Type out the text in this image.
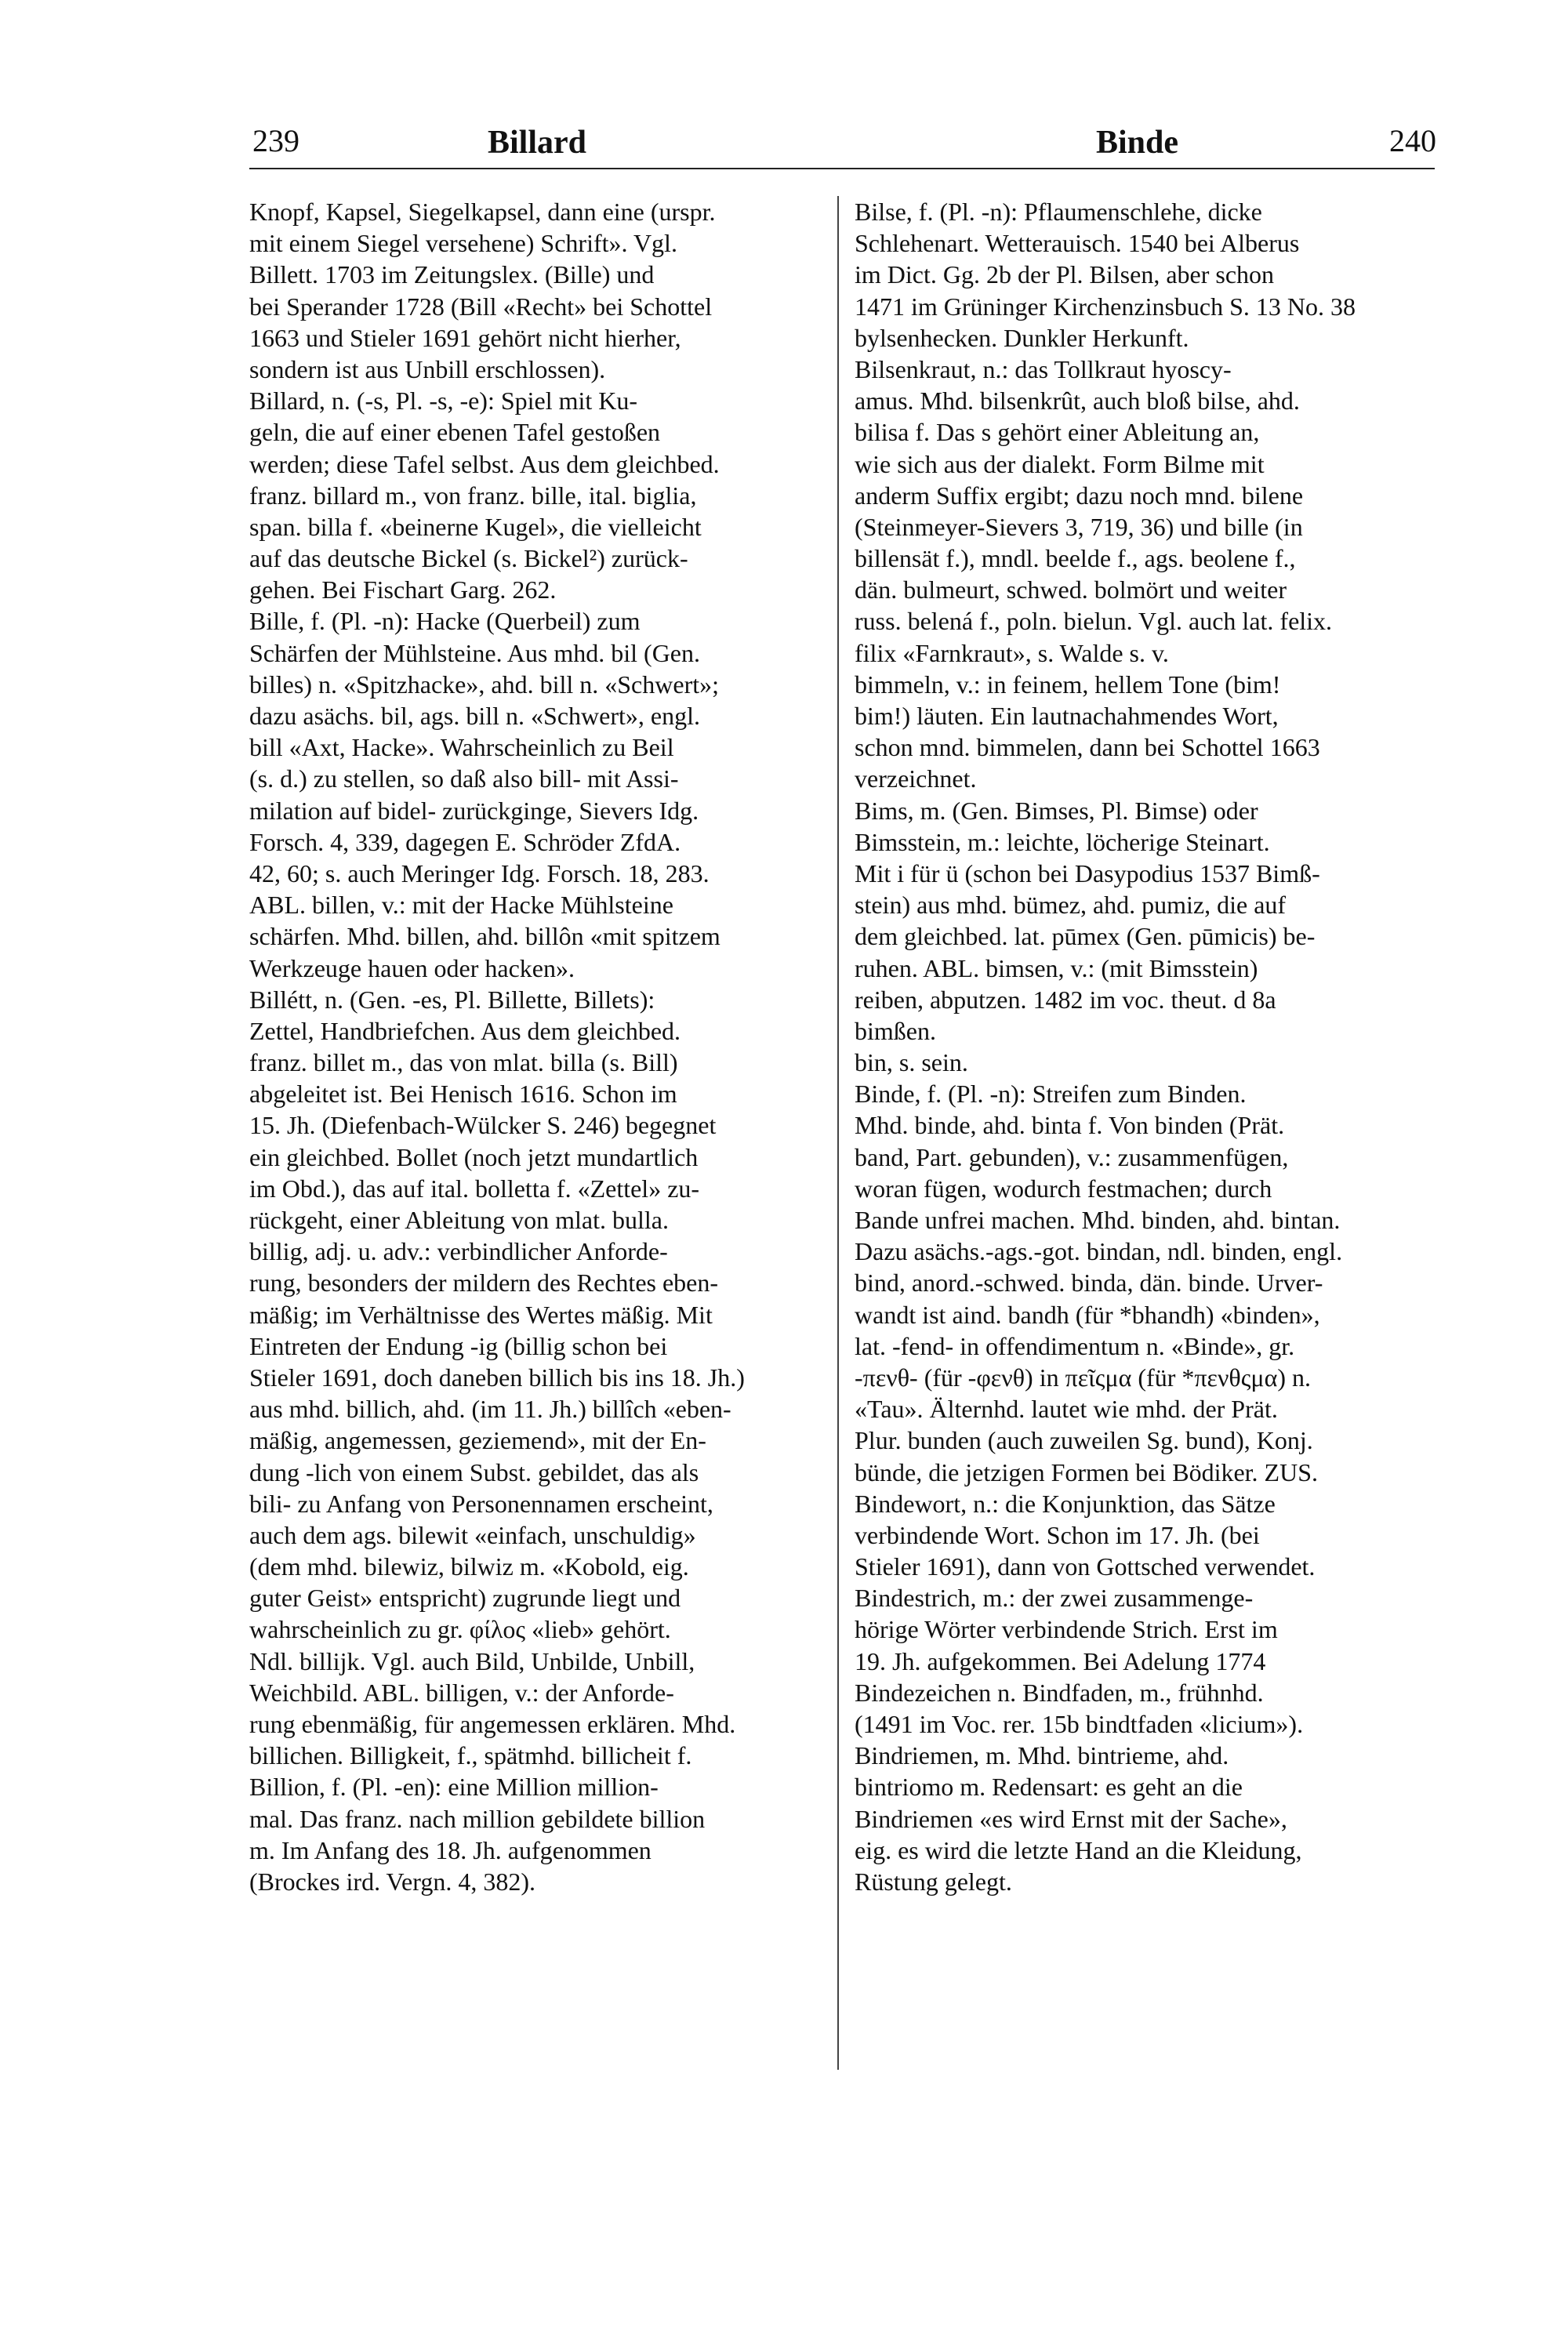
239	Billard	Binde	240
Knopf, Kapsel, Siegelkapsel, dann eine (urspr.
mit einem Siegel versehene) Schrift». Vgl.
Billett. 1703 im Zeitungslex. (Bille) und
bei Sperander 1728 (Bill «Recht» bei Schottel
1663 und Stieler 1691 gehört nicht hierher,
sondern ist aus Unbill erschlossen).
Billard, n. (-s, Pl. -s, -e): Spiel mit Ku-
geln, die auf einer ebenen Tafel gestoßen
werden; diese Tafel selbst. Aus dem gleichbed.
franz. billard m., von franz. bille, ital. biglia,
span. billa f. «beinerne Kugel», die vielleicht
auf das deutsche Bickel (s. Bickel²) zurück-
gehen. Bei Fischart Garg. 262.
Bille, f. (Pl. -n): Hacke (Querbeil) zum
Schärfen der Mühlsteine. Aus mhd. bil (Gen.
billes) n. «Spitzhacke», ahd. bill n. «Schwert»;
dazu asächs. bil, ags. bill n. «Schwert», engl.
bill «Axt, Hacke». Wahrscheinlich zu Beil
(s. d.) zu stellen, so daß also bill- mit Assi-
milation auf bidel- zurückginge, Sievers Idg.
Forsch. 4, 339, dagegen E. Schröder ZfdA.
42, 60; s. auch Meringer Idg. Forsch. 18, 283.
ABL. billen, v.: mit der Hacke Mühlsteine
schärfen. Mhd. billen, ahd. billôn «mit spitzem
Werkzeuge hauen oder hacken».
Billétt, n. (Gen. -es, Pl. Billette, Billets):
Zettel, Handbriefchen. Aus dem gleichbed.
franz. billet m., das von mlat. billa (s. Bill)
abgeleitet ist. Bei Henisch 1616. Schon im
15. Jh. (Diefenbach-Wülcker S. 246) begegnet
ein gleichbed. Bollet (noch jetzt mundartlich
im Obd.), das auf ital. bolletta f. «Zettel» zu-
rückgeht, einer Ableitung von mlat. bulla.
billig, adj. u. adv.: verbindlicher Anforde-
rung, besonders der mildern des Rechtes eben-
mäßig; im Verhältnisse des Wertes mäßig. Mit
Eintreten der Endung -ig (billig schon bei
Stieler 1691, doch daneben billich bis ins 18. Jh.)
aus mhd. billich, ahd. (im 11. Jh.) billîch «eben-
mäßig, angemessen, geziemend», mit der En-
dung -lich von einem Subst. gebildet, das als
bili- zu Anfang von Personennamen erscheint,
auch dem ags. bilewit «einfach, unschuldig»
(dem mhd. bilewiz, bilwiz m. «Kobold, eig.
guter Geist» entspricht) zugrunde liegt und
wahrscheinlich zu gr. φίλος «lieb» gehört.
Ndl. billijk. Vgl. auch Bild, Unbilde, Unbill,
Weichbild. ABL. billigen, v.: der Anforde-
rung ebenmäßig, für angemessen erklären. Mhd.
billichen. Billigkeit, f., spätmhd. billicheit f.
Billion, f. (Pl. -en): eine Million million-
mal. Das franz. nach million gebildete billion
m. Im Anfang des 18. Jh. aufgenommen
(Brockes ird. Vergn. 4, 382).
Bilse, f. (Pl. -n): Pflaumenschlehe, dicke
Schlehenart. Wetterauisch. 1540 bei Alberus
im Dict. Gg. 2b der Pl. Bilsen, aber schon
1471 im Grüninger Kirchenzinsbuch S. 13 No. 38
bylsenhecken. Dunkler Herkunft.
Bilsenkraut, n.: das Tollkraut hyoscy-
amus. Mhd. bilsenkrût, auch bloß bilse, ahd.
bilisa f. Das s gehört einer Ableitung an,
wie sich aus der dialekt. Form Bilme mit
anderm Suffix ergibt; dazu noch mnd. bilene
(Steinmeyer-Sievers 3, 719, 36) und bille (in
billensät f.), mndl. beelde f., ags. beolene f.,
dän. bulmeurt, schwed. bolmört und weiter
russ. belená f., poln. bielun. Vgl. auch lat. felix.
filix «Farnkraut», s. Walde s. v.
bimmeln, v.: in feinem, hellem Tone (bim!
bim!) läuten. Ein lautnachahmendes Wort,
schon mnd. bimmelen, dann bei Schottel 1663
verzeichnet.
Bims, m. (Gen. Bimses, Pl. Bimse) oder
Bimsstein, m.: leichte, löcherige Steinart.
Mit i für ü (schon bei Dasypodius 1537 Bimß-
stein) aus mhd. bümez, ahd. pumiz, die auf
dem gleichbed. lat. pūmex (Gen. pūmicis) be-
ruhen. ABL. bimsen, v.: (mit Bimsstein)
reiben, abputzen. 1482 im voc. theut. d 8a
bimßen.
bin, s. sein.
Binde, f. (Pl. -n): Streifen zum Binden.
Mhd. binde, ahd. binta f. Von binden (Prät.
band, Part. gebunden), v.: zusammenfügen,
woran fügen, wodurch festmachen; durch
Bande unfrei machen. Mhd. binden, ahd. bintan.
Dazu asächs.-ags.-got. bindan, ndl. binden, engl.
bind, anord.-schwed. binda, dän. binde. Urver-
wandt ist aind. bandh (für *bhandh) «binden»,
lat. -fend- in offendimentum n. «Binde», gr.
-πενθ- (für -φενθ) in πεῖςμα (für *πενθςμα) n.
«Tau». Älternhd. lautet wie mhd. der Prät.
Plur. bunden (auch zuweilen Sg. bund), Konj.
bünde, die jetzigen Formen bei Bödiker. ZUS.
Bindewort, n.: die Konjunktion, das Sätze
verbindende Wort. Schon im 17. Jh. (bei
Stieler 1691), dann von Gottsched verwendet.
Bindestrich, m.: der zwei zusammenge-
hörige Wörter verbindende Strich. Erst im
19. Jh. aufgekommen. Bei Adelung 1774
Bindezeichen n. Bindfaden, m., frühnhd.
(1491 im Voc. rer. 15b bindtfaden «licium»).
Bindriemen, m. Mhd. bintrieme, ahd.
bintriomo m. Redensart: es geht an die
Bindriemen «es wird Ernst mit der Sache»,
eig. es wird die letzte Hand an die Kleidung,
Rüstung gelegt.
